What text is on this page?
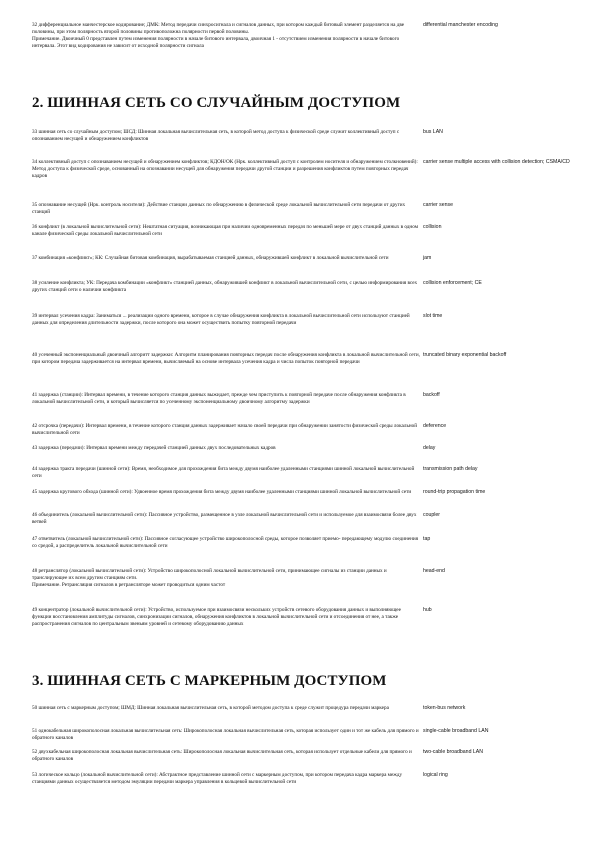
32 дифференциальное манчестерское кодирование; ДМК: Метод передачи синхросигнала и сигналов данных, при котором каждый битовый элемент разделяется на две половины, при этом полярность второй половины противоположна полярности первой половины.

Примечание. Двоичный 0 представлен путем изменения полярности в начале битового интервала, двоичная 1 - отсутствием изменения полярности в начале битового интервала. Этот вид кодирования не зависит от исходной полярности сигнала

differential manchester encoding
2. ШИННАЯ СЕТЬ СО СЛУЧАЙНЫМ ДОСТУПОМ

33 шинная сеть со случайным доступом; ШСД: Шинная локальная вычислительная сеть, в которой метод доступа к физической среде служит коллективный доступ с опознаванием несущей и обнаружением конфликтов

bus LAN

34 коллективный доступ с опознаванием несущей и обнаружением конфликтов; КДОН/ОК (Нрк. коллективный доступ с контролем носителя и обнаружением столкновений): Метод доступа к физической среде, основанный на опознавании несущей для обнаружения передачи другой станции и разрешения конфликтов путем повторных передач кадров

carrier sense multiple access with collision detection; CSMA/CD

35 опознавание несущей (Нрк. контроль носителя): Действие станции данных по обнаружению в физической среде локальной вычислительной сети передачи от других станций

carrier sense

36 конфликт (в локальной вычислительной сети): Нештатная ситуация, возникающая при наличии одновременных передач по меньшей мере от двух станций данных в одном канале физической среды локальной вычислительной сети

collision

37 комбинация «конфликт»; КК: Случайная битовая комбинация, вырабатываемая станцией данных, обнаружившей конфликт в локальной вычислительной сети	jam

38 усиление конфликта; УК: Передача комбинации «конфликт» станцией данных, обнаружившей конфликт в локальной вычислительной сети, с целью информирования всех других станций сети о наличии конфликта

collision enforcement; CE

39 интервал усечения кадра: Заниматься ... реализации одного времени, которое в случае обнаружения конфликта в локальной вычислительной сети используют станцией данных для определения длительности задержки, после которого она может осуществить попытку повторной передачи

slot time

40 усеченный экспоненциальный двоичный алгоритт задержки: Алгоритм планирования повторных передач после обнаружения конфликта в локальной вычислительной сети, при котором передача задерживается на интервал времени, вычисляемый на основе интервала усечения кадра и числа попыток повторной передачи

truncated binary exponential backoff

41 задержка (станции): Интервал времени, в течение которого станция данных выжидает, прежде чем приступить к повторной передаче после обнаружения конфликта в локальной вычислительной сети, и который вычисляется по усеченному экспоненциальному двоичному алгоритму задержки

backoff

42 отсрочка (передачи): Интервал времени, в течение которого станция данных задерживает начало своей передачи при обнаружении занятости физической среды локальной вычислительной сети

deference

43 задержка (передачи): Интервал времени между передачей станцией данных двух последовательных кадров	delay

44 задержка тракта передачи (шинной сети): Время, необходимое для прохождения бита между двумя наиболее удаленными станциями шинной локальной вычислительной сети

transmission path delay

45 задержка кругового обхода (шинной сети): Удвоенное время прохождения бита между двумя наиболее удаленными станциями шинной локальной вычислительной сети	round-trip propagation time

46 объединитель (локальной вычислительной сети): Пассивное устройство, размещенное в узле локальной вычислительной сети и используемое для взаимосвязи более двух ветвей

coupler

47 ответвитель (локальной вычислительной сети): Пассивное согласующее устройство широкополосной среды, которое позволяет приемо- передающему модулю соединения со средой, а распределитель локальной вычислительной сети

tap

48 ретранслятор (локальной вычислительной сети): Устройство широкополосной локальной вычислительной сети, принимающее сигналы из станции данных и транслирующее их всем другим станциям сети.

Примечание. Ретрансляция сигналов в ретрансляторе может проводиться одним частот

head-end

49 концентратор (локальной вычислительной сети): Устройство, используемое при взаимосвязи нескольких устройств сетевого оборудования данных и выполняющее функции восстановления амплитуды сигналов, синхронизации сигналов, обнаружения конфликтов в локальной вычислительной сети и отсоединения от нее, а также распространения сигналов по центральным звеньям уровней и сетевому оборудованию данных

hub
3. ШИННАЯ СЕТЬ С МАРКЕРНЫМ ДОСТУПОМ

50 шинная сеть с маркерным доступом; ШМД: Шинная локальная вычислительная сеть, в которой методом доступа к среде служит процедура передачи маркера	token-bus network

51 однокабельная широкополосная локальная вычислительная сеть: Широкополосная локальная вычислительная сеть, которая использует один и тот же кабель для прямого и обратного каналов

single-cable broadband LAN

52 двухкабельная широкополосная локальная вычислительная сеть: Широкополосная локальная вычислительная сеть, которая использует отдельные кабели для прямого и обратного каналов

two-cable broadband LAN

53 логическое кольцо (локальной вычислительной сети): Абстрактное представление шинной сети с маркерным доступом, при котором передача кадра маркера между станциями данных осуществляется методом эмуляции передачи маркера управления в кольцевой вычислительной сети

logical ring
